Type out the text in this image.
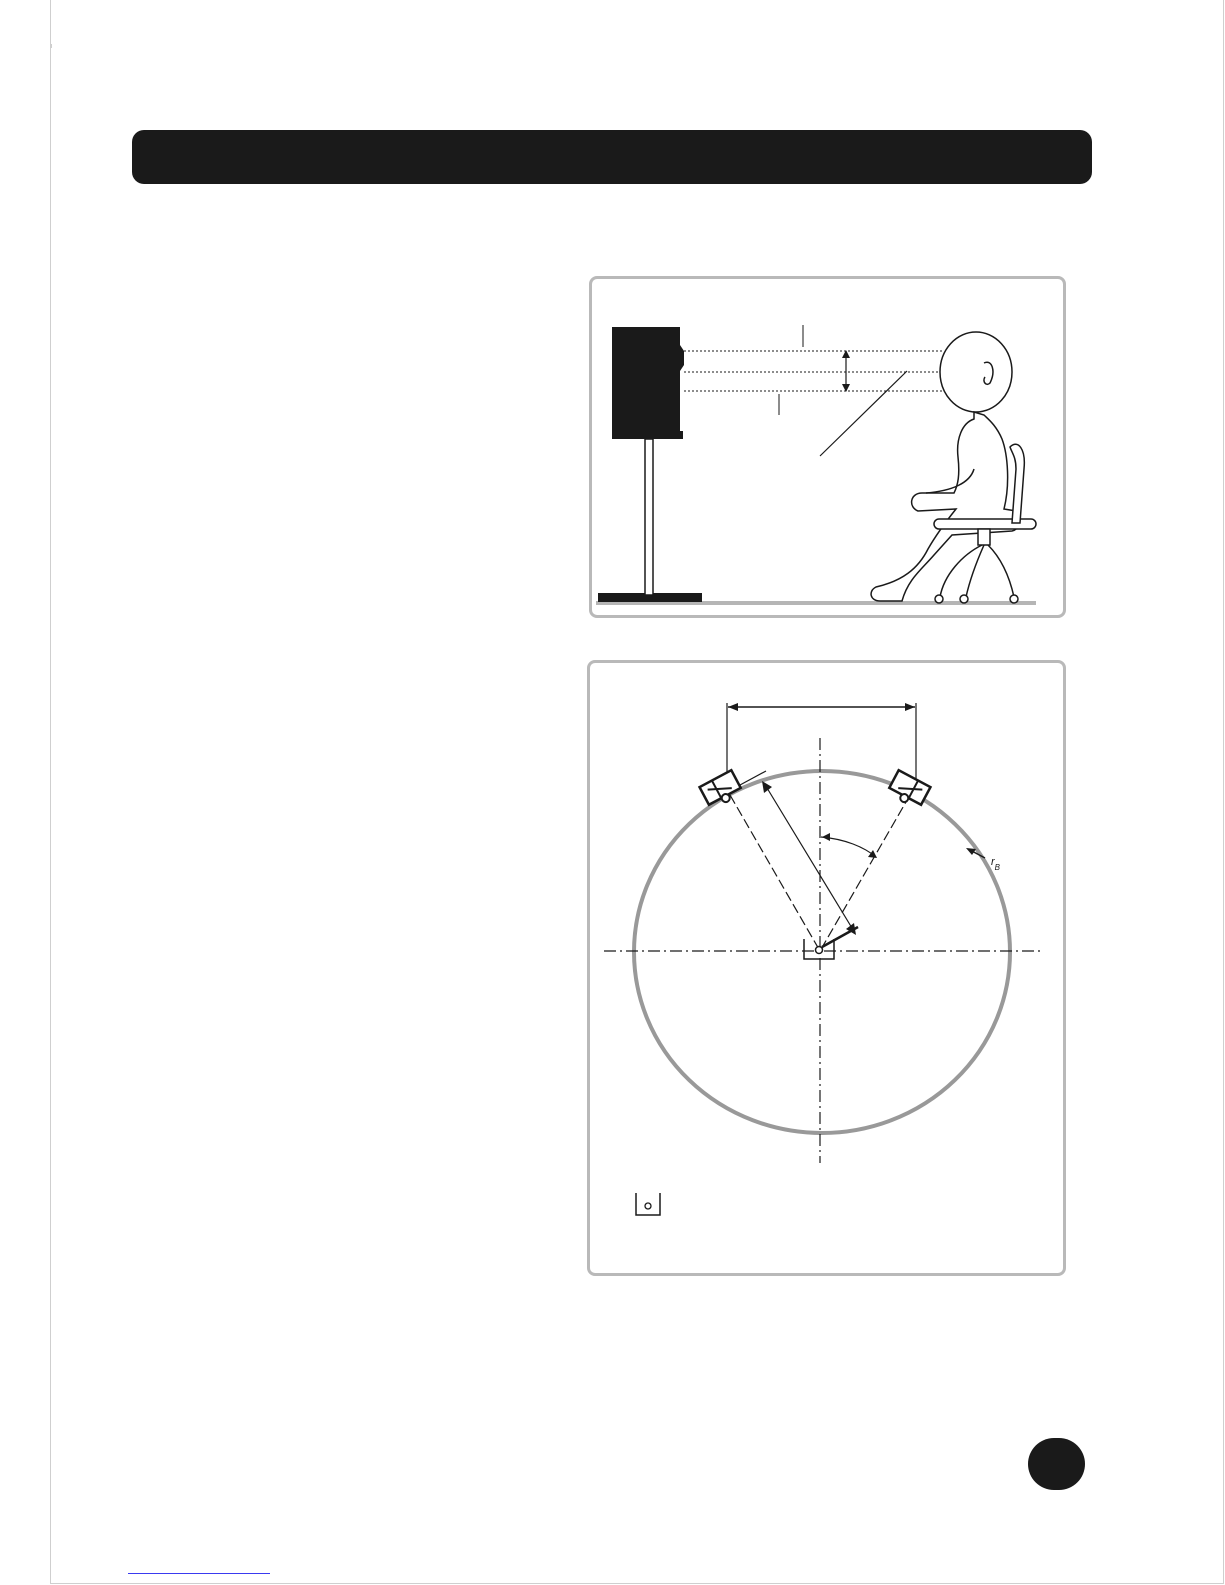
$r_B$
